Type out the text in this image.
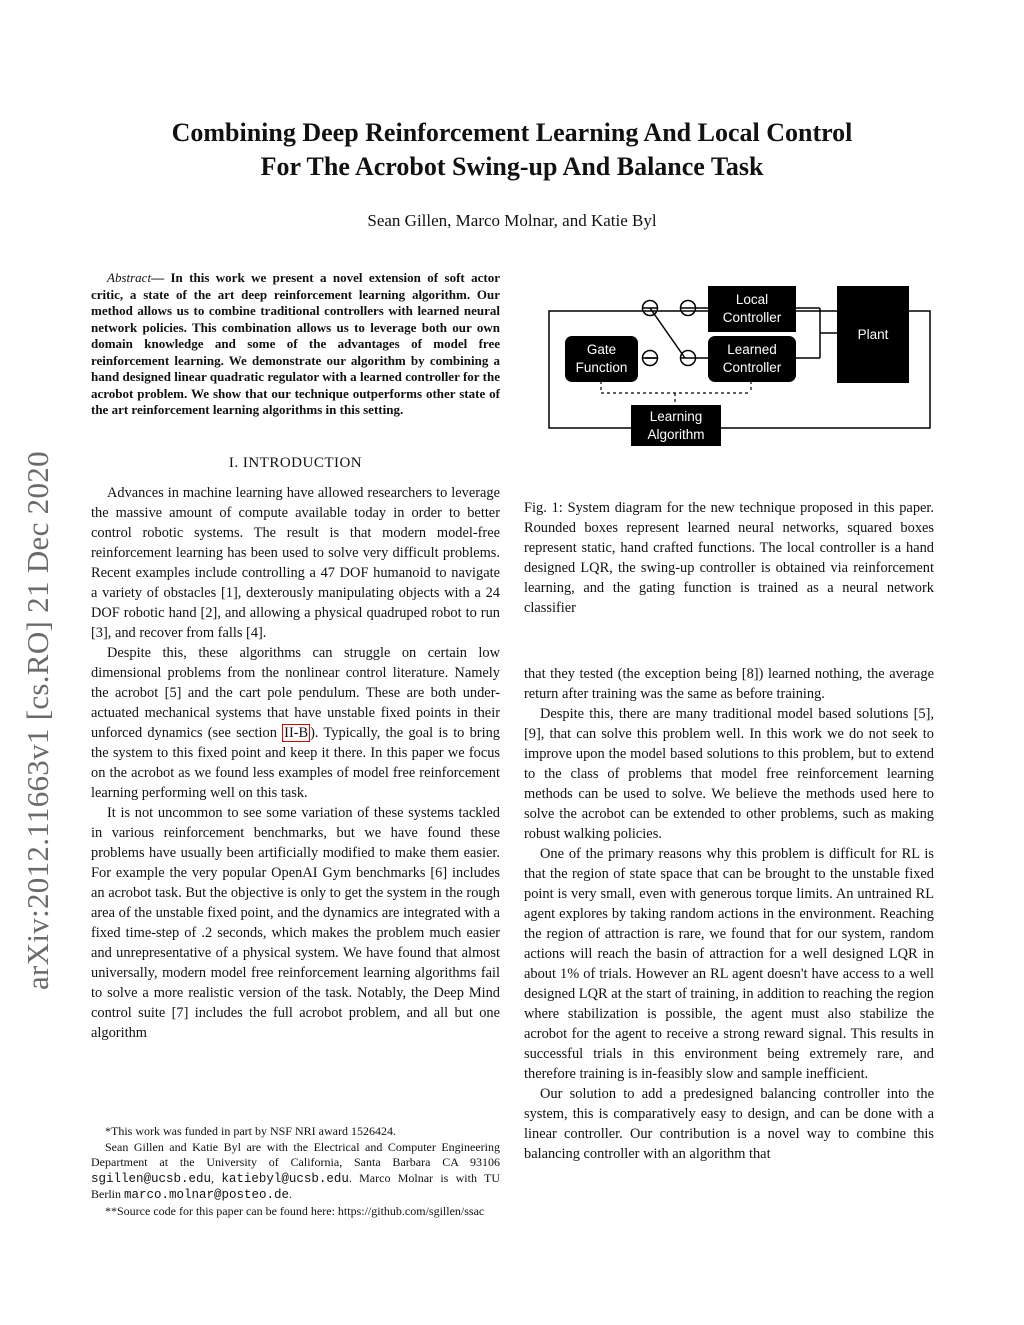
arXiv:2012.11663v1 [cs.RO] 21 Dec 2020
Combining Deep Reinforcement Learning And Local Control
For The Acrobot Swing-up And Balance Task
Sean Gillen, Marco Molnar, and Katie Byl
Abstract— In this work we present a novel extension of soft actor critic, a state of the art deep reinforcement learning algorithm. Our method allows us to combine traditional controllers with learned neural network policies. This combination allows us to leverage both our own domain knowledge and some of the advantages of model free reinforcement learning. We demonstrate our algorithm by combining a hand designed linear quadratic regulator with a learned controller for the acrobot problem. We show that our technique outperforms other state of the art reinforcement learning algorithms in this setting.
I. INTRODUCTION

Advances in machine learning have allowed researchers to leverage the massive amount of compute available today in order to better control robotic systems. The result is that modern model-free reinforcement learning has been used to solve very difficult problems. Recent examples include controlling a 47 DOF humanoid to navigate a variety of obstacles [1], dexterously manipulating objects with a 24 DOF robotic hand [2], and allowing a physical quadruped robot to run [3], and recover from falls [4].

Despite this, these algorithms can struggle on certain low dimensional problems from the nonlinear control literature. Namely the acrobot [5] and the cart pole pendulum. These are both under-actuated mechanical systems that have unstable fixed points in their unforced dynamics (see section II-B ). Typically, the goal is to bring the system to this fixed point and keep it there. In this paper we focus on the acrobot as we found less examples of model free reinforcement learning performing well on this task.

It is not uncommon to see some variation of these systems tackled in various reinforcement benchmarks, but we have found these problems have usually been artificially modified to make them easier. For example the very popular OpenAI Gym benchmarks [6] includes an acrobot task. But the objective is only to get the system in the rough area of the unstable fixed point, and the dynamics are integrated with a fixed time-step of .2 seconds, which makes the problem much easier and unrepresentative of a physical system. We have found that almost universally, modern model free reinforcement learning algorithms fail to solve a more realistic version of the task. Notably, the Deep Mind control suite [7] includes the full acrobot problem, and all but one algorithm

*This work was funded in part by NSF NRI award 1526424.

Sean Gillen and Katie Byl are with the Electrical and Computer Engineering Department at the University of California, Santa Barbara CA 93106 sgillen@ucsb.edu, katiebyl@ucsb.edu. Marco Molnar is with TU Berlin marco.molnar@posteo.de.

**Source code for this paper can be found here: https://github.com/sgillen/ssac

Gate
Function
Local
Controller
Learned
Controller
Plant
Learning
Algorithm
Fig. 1: System diagram for the new technique proposed in this paper. Rounded boxes represent learned neural networks, squared boxes represent static, hand crafted functions. The local controller is a hand designed LQR, the swing-up controller is obtained via reinforcement learning, and the gating function is trained as a neural network classifier

that they tested (the exception being [8]) learned nothing, the average return after training was the same as before training.

Despite this, there are many traditional model based solutions [5], [9], that can solve this problem well. In this work we do not seek to improve upon the model based solutions to this problem, but to extend to the class of problems that model free reinforcement learning methods can be used to solve. We believe the methods used here to solve the acrobot can be extended to other problems, such as making robust walking policies.

One of the primary reasons why this problem is difficult for RL is that the region of state space that can be brought to the unstable fixed point is very small, even with generous torque limits. An untrained RL agent explores by taking random actions in the environment. Reaching the region of attraction is rare, we found that for our system, random actions will reach the basin of attraction for a well designed LQR in about 1% of trials. However an RL agent doesn't have access to a well designed LQR at the start of training, in addition to reaching the region where stabilization is possible, the agent must also stabilize the acrobot for the agent to receive a strong reward signal. This results in successful trials in this environment being extremely rare, and therefore training is in-feasibly slow and sample inefficient.

Our solution to add a predesigned balancing controller into the system, this is comparatively easy to design, and can be done with a linear controller. Our contribution is a novel way to combine this balancing controller with an algorithm that
